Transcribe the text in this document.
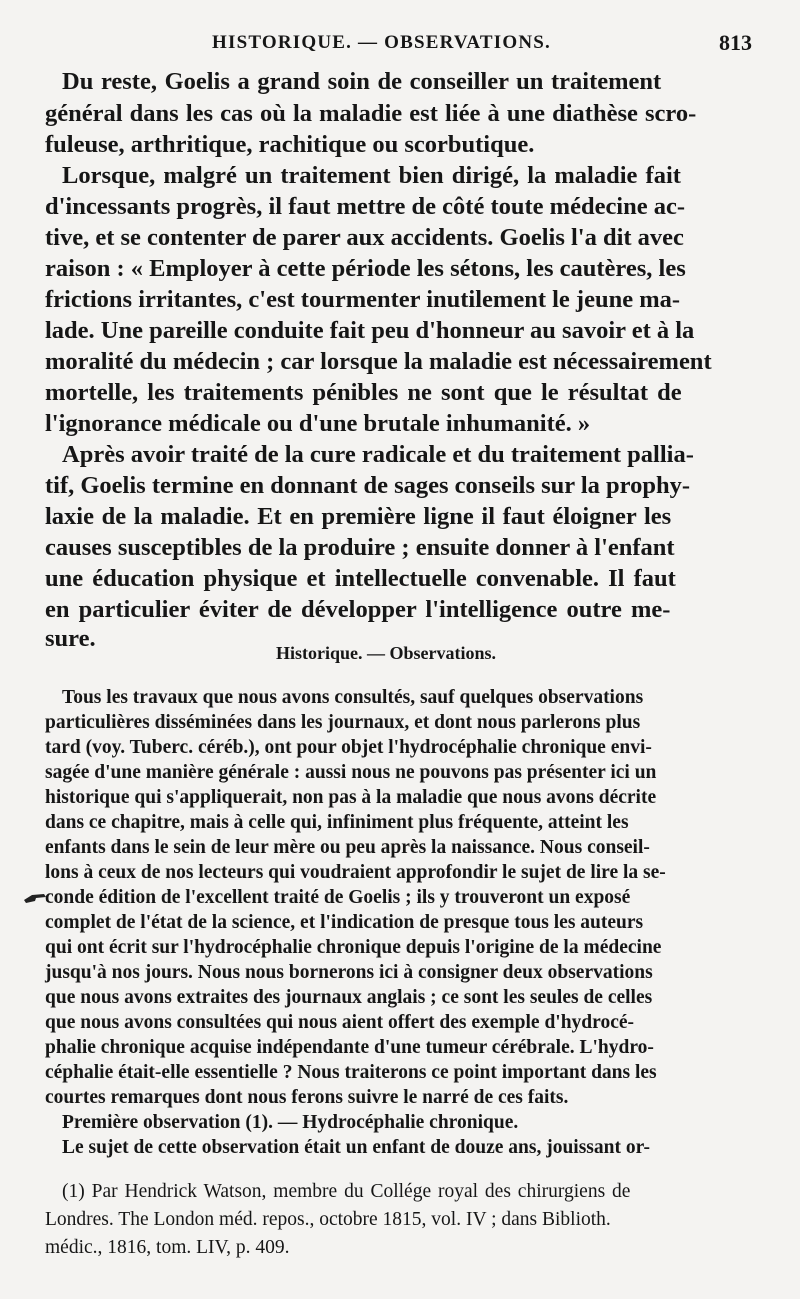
HISTORIQUE. — OBSERVATIONS.	813
Du reste, Goelis a grand soin de conseiller un traitement
général dans les cas où la maladie est liée à une diathèse scro-
fuleuse, arthritique, rachitique ou scorbutique.
Lorsque, malgré un traitement bien dirigé, la maladie fait
d'incessants progrès, il faut mettre de côté toute médecine ac-
tive, et se contenter de parer aux accidents. Goelis l'a dit avec
raison : « Employer à cette période les sétons, les cautères, les
frictions irritantes, c'est tourmenter inutilement le jeune ma-
lade. Une pareille conduite fait peu d'honneur au savoir et à la
moralité du médecin ; car lorsque la maladie est nécessairement
mortelle, les traitements pénibles ne sont que le résultat de
l'ignorance médicale ou d'une brutale inhumanité. »
Après avoir traité de la cure radicale et du traitement pallia-
tif, Goelis termine en donnant de sages conseils sur la prophy-
laxie de la maladie. Et en première ligne il faut éloigner les
causes susceptibles de la produire ; ensuite donner à l'enfant
une éducation physique et intellectuelle convenable. Il faut
en particulier éviter de développer l'intelligence outre me-
sure.
Historique. — Observations.
Tous les travaux que nous avons consultés, sauf quelques observations
particulières disséminées dans les journaux, et dont nous parlerons plus
tard (voy. Tuberc. céréb.), ont pour objet l'hydrocéphalie chronique envi-
sagée d'une manière générale : aussi nous ne pouvons pas présenter ici un
historique qui s'appliquerait, non pas à la maladie que nous avons décrite
dans ce chapitre, mais à celle qui, infiniment plus fréquente, atteint les
enfants dans le sein de leur mère ou peu après la naissance. Nous conseil-
lons à ceux de nos lecteurs qui voudraient approfondir le sujet de lire la se-
conde édition de l'excellent traité de Goelis ; ils y trouveront un exposé
complet de l'état de la science, et l'indication de presque tous les auteurs
qui ont écrit sur l'hydrocéphalie chronique depuis l'origine de la médecine
jusqu'à nos jours. Nous nous bornerons ici à consigner deux observations
que nous avons extraites des journaux anglais ; ce sont les seules de celles
que nous avons consultées qui nous aient offert des exemple d'hydrocé-
phalie chronique acquise indépendante d'une tumeur cérébrale. L'hydro-
céphalie était-elle essentielle ? Nous traiterons ce point important dans les
courtes remarques dont nous ferons suivre le narré de ces faits.
Première observation (1). — Hydrocéphalie chronique.
Le sujet de cette observation était un enfant de douze ans, jouissant or-
(1) Par Hendrick Watson, membre du Collége royal des chirurgiens de
Londres. The London méd. repos., octobre 1815, vol. IV ; dans Biblioth.
médic., 1816, tom. LIV, p. 409.
